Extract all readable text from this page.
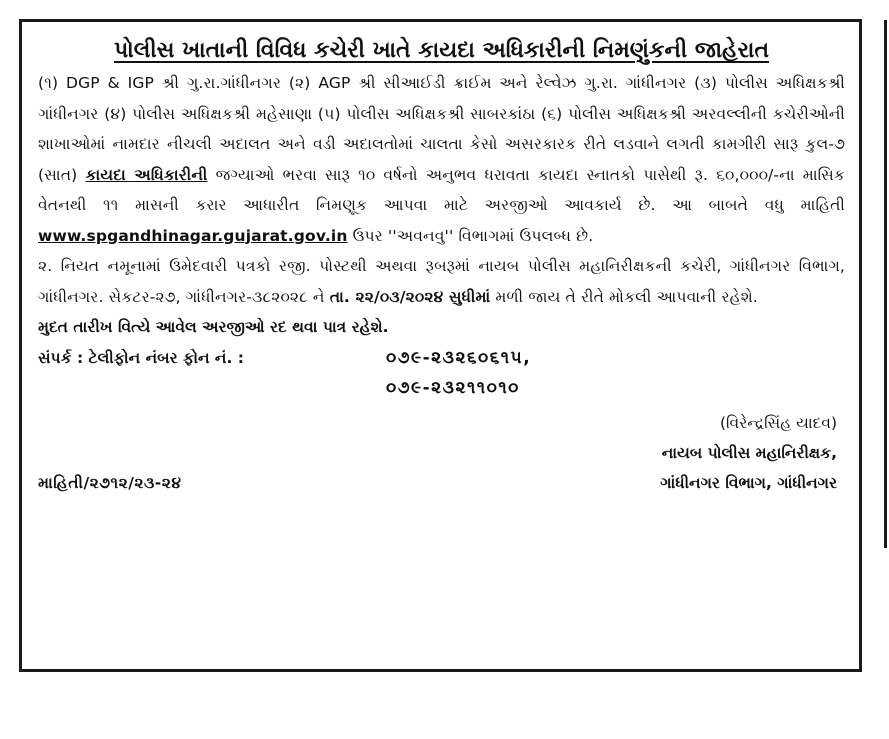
પોલીસ ખાતાની વિવિધ કચેરી ખાતે કાયદા અધિકારીની નિમણુંકની જાહેરાત

(૧) DGP & IGP શ્રી ગુ.રા.ગાંધીનગર (૨) AGP શ્રી સીઆઈડી ક્રાઈમ અને રેલ્વેઝ ગુ.રા. ગાંધીનગર (૩) પોલીસ અધિક્ષકશ્રી ગાંધીનગર (૪) પોલીસ અધિક્ષકશ્રી મહેસાણા (૫) પોલીસ અધિક્ષકશ્રી સાબરકાંઠા (૬) પોલીસ અધિક્ષકશ્રી અરવલ્લીની કચેરીઓની શાખાઓમાં નામદાર નીચલી અદાલત અને વડી અદાલતોમાં ચાલતા કેસો અસરકારક રીતે લડવાને લગતી કામગીરી સારૂ કુલ-૭ (સાત) કાયદા અધિકારીની જગ્યાઓ ભરવા સારૂ ૧૦ વર્ષનો અનુભવ ધરાવતા કાયદા સ્નાતકો પાસેથી રૂ. ૬૦,૦૦૦/-ના માસિક વેતનથી ૧૧ માસની કરાર આધારીત નિમણૂક આપવા માટે અરજીઓ આવકાર્ય છે. આ બાબતે વધુ માહિતી www.spgandhinagar.gujarat.gov.in ઉપર ''અવનવુ'' વિભાગમાં ઉપલબ્ધ છે.

૨. નિયત નમૂનામાં ઉમેદવારી પત્રકો રજી. પોસ્ટથી અથવા રૂબરૂમાં નાયબ પોલીસ મહાનિરીક્ષકની કચેરી, ગાંધીનગર વિભાગ, ગાંધીનગર. સેકટર-૨૭, ગાંધીનગર-૩૮૨૦૨૮ ને તા. ૨૨/૦૩/૨૦૨૪ સુધીમાં મળી જાય તે રીતે મોકલી આપવાની રહેશે.

મુદત તારીખ વિત્યે આવેલ અરજીઓ રદ થવા પાત્ર રહેશે.
સંપર્ક : ટેલીફોન નંબર ફોન નં. :	૦૭૯-૨૩૨૬૦૬૧૫,
૦૭૯-૨૩૨૧૧૦૧૦
(વિરેન્દ્રસિંહ યાદવ)
નાયબ પોલીસ મહાનિરીક્ષક,
માહિતી/૨૭૧૨/૨૩-૨૪	ગાંધીનગર વિભાગ, ગાંધીનગર
